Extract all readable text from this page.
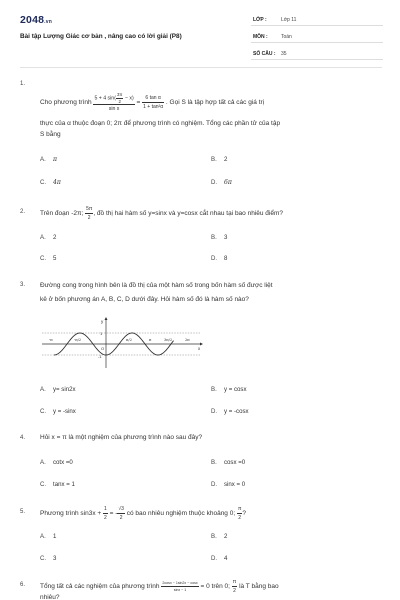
2048.vn
Bài tập Lượng Giác cơ bản , nâng cao có lời giải (P8)
LỚP :	Lớp 11
MÔN :	Toán
SỐ CÂU : 35
1.
Cho phương trình $\frac{5 + 4 \sin( \frac{3\pi}{2} - x)}{\text{sin x}} = \frac{\text{6 tan α}}{\text{1 + tan²α}}$ . Gọi S là tập hợp tất cả các giá trị
thực của α thuộc đoạn 0; 2π để phương trình có nghiệm. Tổng các phần tử của tập
S bằng
A. π	B. 2
C. 4π	D. 6π
2. Trên đoạn -2π; $\frac{5\pi}{2}$ , đồ thị hai hàm số y=sinx và y=cosx cắt nhau tại bao nhiêu điểm?
A. 2	B. 3
C. 5	D. 8
3. Đường cong trong hình bên là đồ thị của một hàm số trong bốn hàm số được liệt
kê ở bốn phương án A, B, C, D dưới đây. Hỏi hàm số đó là hàm số nào?
y
x
1
-1
O
-π	-π/2	π/2	π	3π/2	2π
A. y= sin2x	B. y = cosx
C. y = -sinx	D. y = -cosx
4. Hỏi x = π là một nghiệm của phương trình nào sau đây?
A. cotx =0	B. cosx =0
C. tanx = 1	D. sinx = 0
5. Phương trình $\sin 3x + \frac{1}{2}$ = - $\frac{√3}{2}$ có bao nhiêu nghiệm thuộc khoảng 0; $\frac{\pi}{2}$ ?
A. 1	B. 2
C. 3	D. 4
6. Tổng tất cả các nghiệm của phương trình $\frac{2\cos x - 1\sin 2x - \cos x}{\sin x - 1} = 0$ trên 0; $\frac{\pi}{2}$ là T bằng bao
nhiêu?
